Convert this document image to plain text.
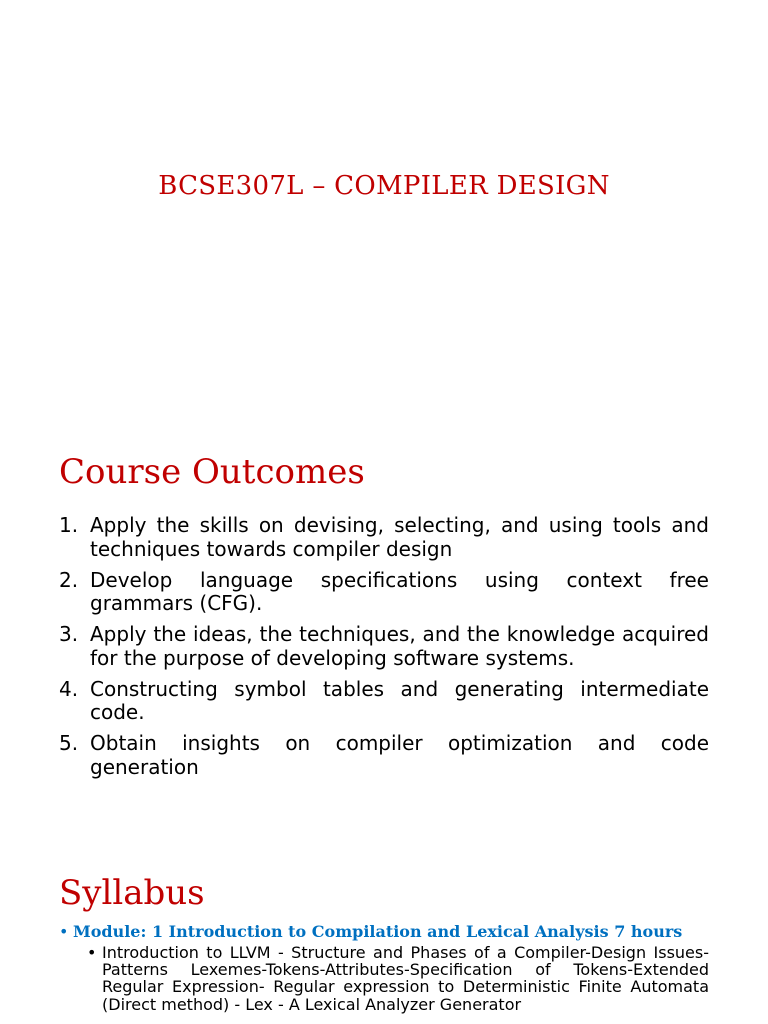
BCSE307L – COMPILER DESIGN
Course Outcomes
1. Apply the skills on devising, selecting, and using tools and techniques towards compiler design
2. Develop language specifications using context free grammars (CFG).
3. Apply the ideas, the techniques, and the knowledge acquired for the purpose of developing software systems.
4. Constructing symbol tables and generating intermediate code.
5. Obtain insights on compiler optimization and code generation
Syllabus
• Module: 1 Introduction to Compilation and Lexical Analysis 7 hours
• Introduction to LLVM - Structure and Phases of a Compiler-Design Issues- Patterns Lexemes-Tokens-Attributes-Specification of Tokens-Extended Regular Expression- Regular expression to Deterministic Finite Automata (Direct method) - Lex - A Lexical Analyzer Generator
